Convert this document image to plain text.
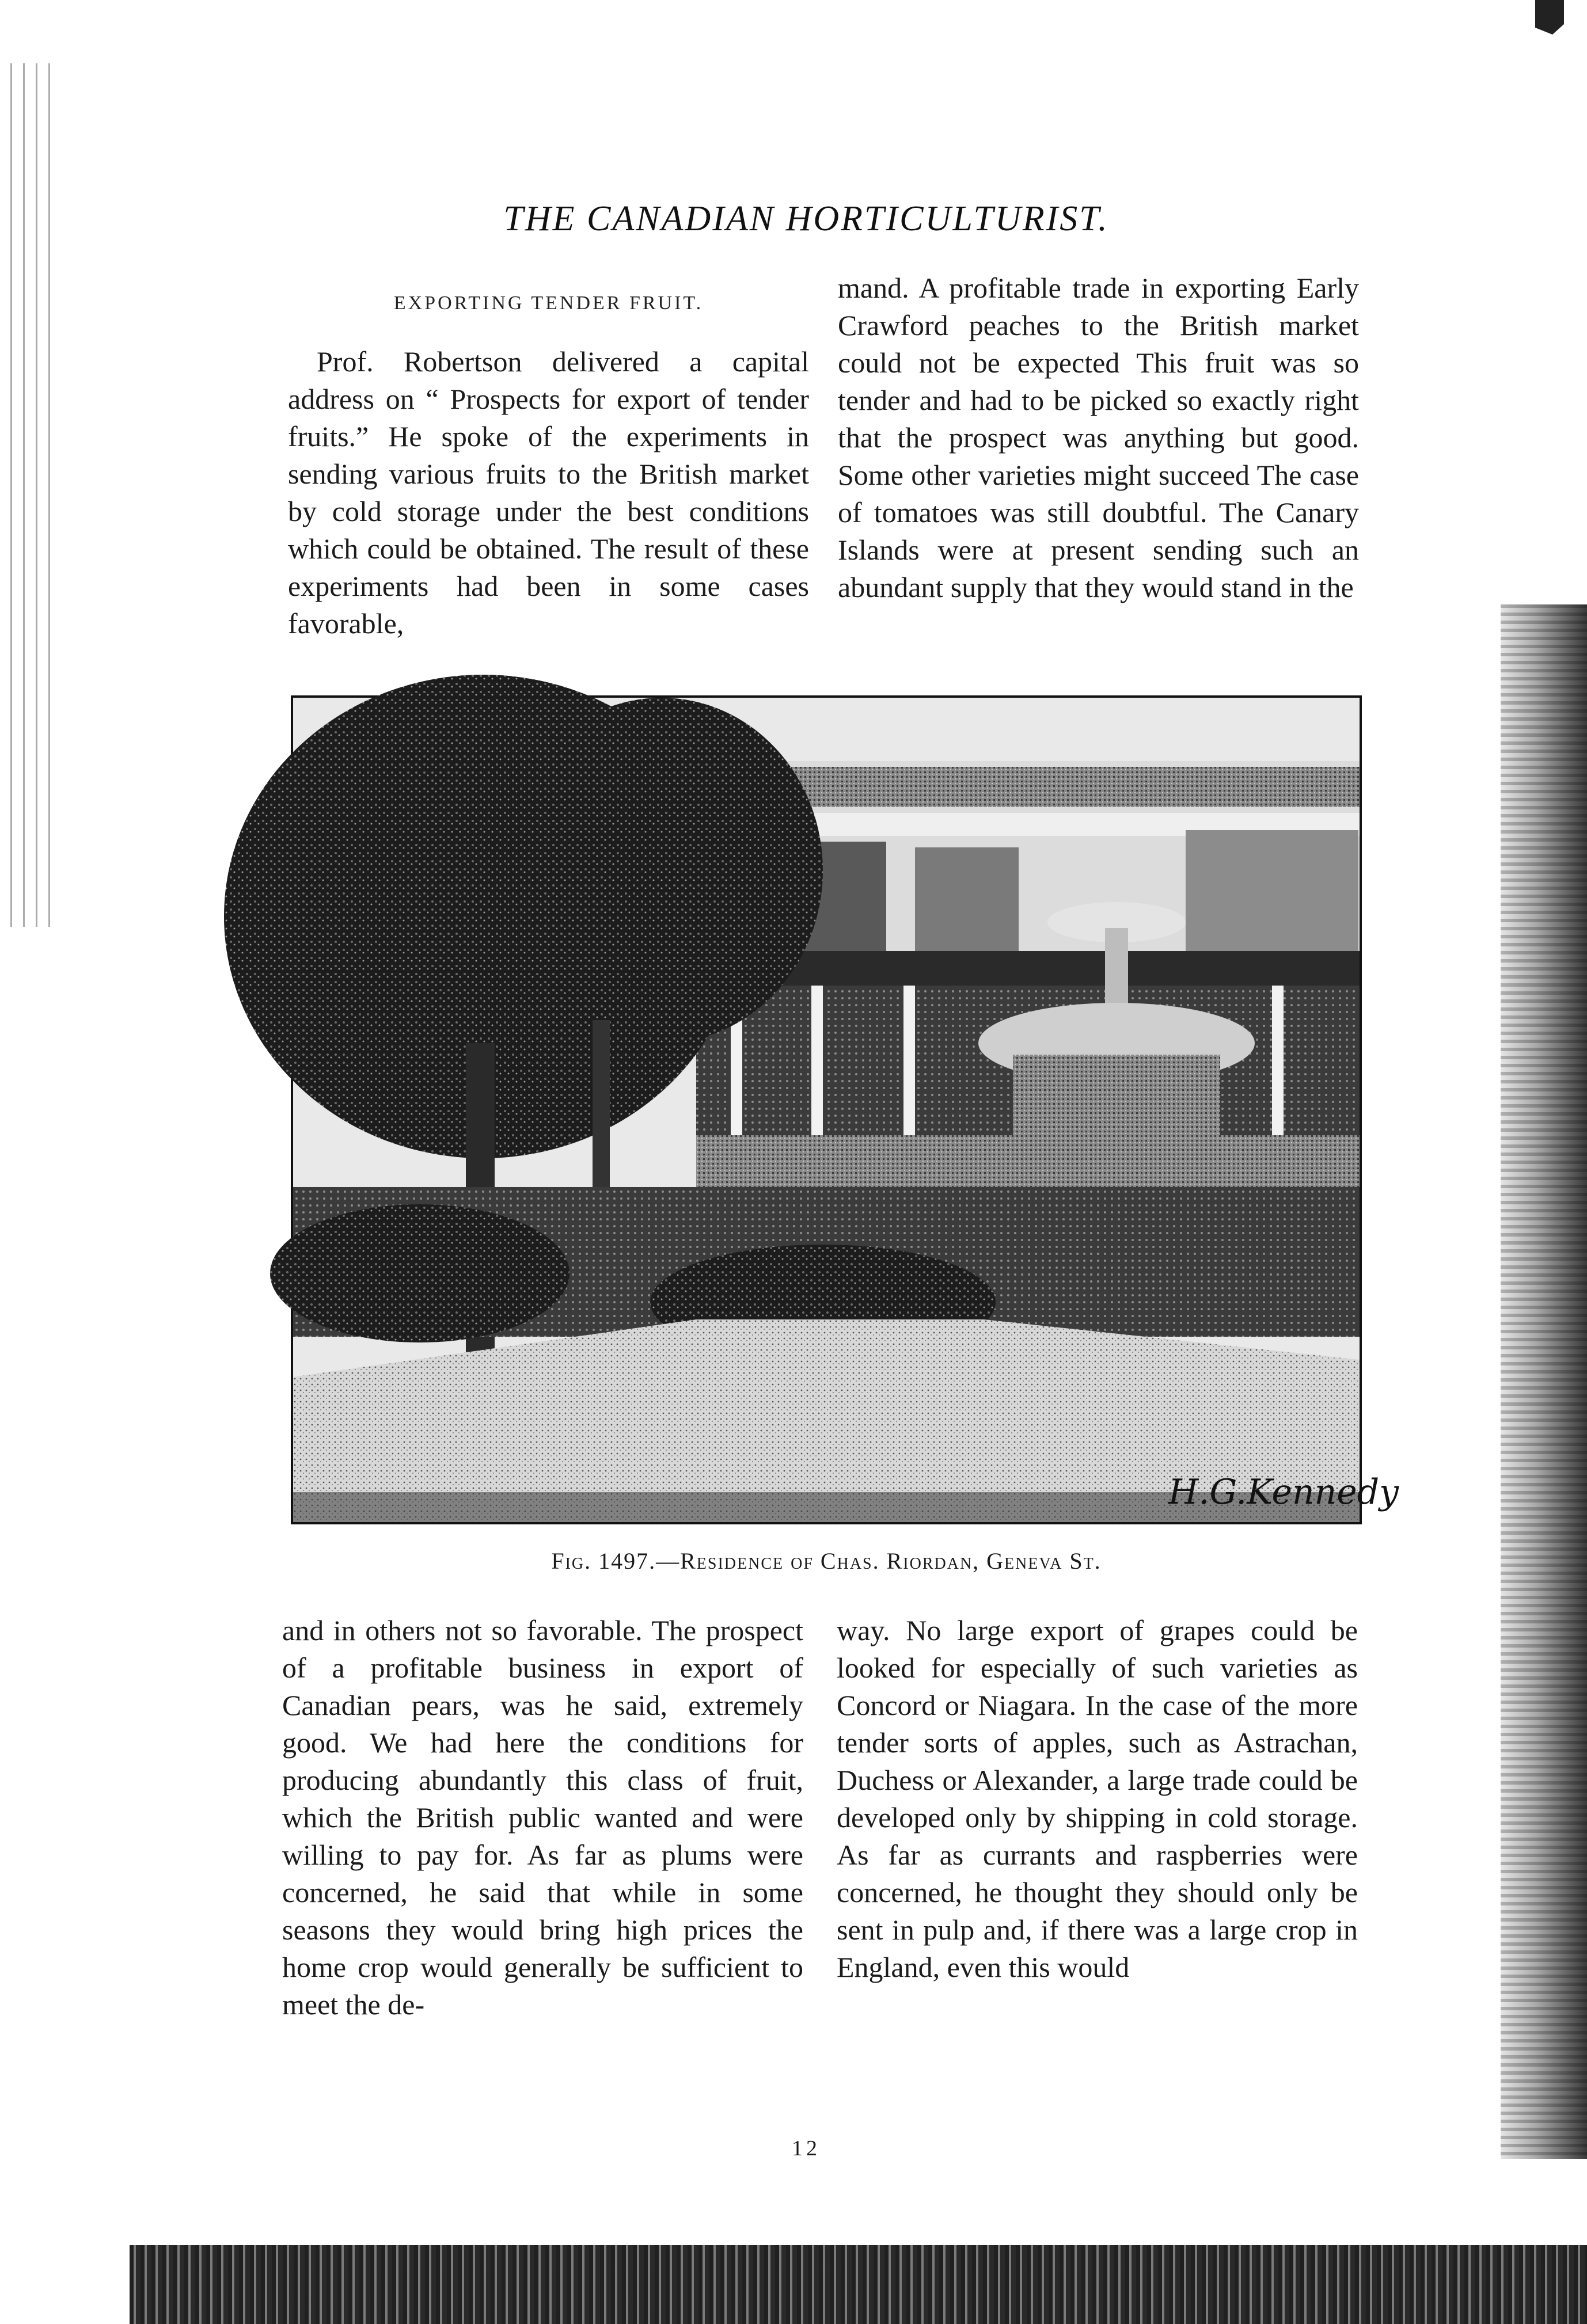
THE CANADIAN HORTICULTURIST.
EXPORTING TENDER FRUIT.

Prof. Robertson delivered a capital address on “ Prospects for export of tender fruits.” He spoke of the experiments in sending various fruits to the British market by cold storage under the best conditions which could be obtained. The result of these experiments had been in some cases favorable,

mand. A profitable trade in exporting Early Crawford peaches to the British market could not be expected This fruit was so tender and had to be picked so exactly right that the prospect was anything but good. Some other varieties might succeed The case of tomatoes was still doubtful. The Canary Islands were at present sending such an abundant supply that they would stand in the

H.G.Kennedy
Fig. 1497.—Residence of Chas. Riordan, Geneva St.

and in others not so favorable. The prospect of a profitable business in export of Canadian pears, was he said, extremely good. We had here the conditions for producing abundantly this class of fruit, which the British public wanted and were willing to pay for. As far as plums were concerned, he said that while in some seasons they would bring high prices the home crop would generally be sufficient to meet the de-

way. No large export of grapes could be looked for especially of such varieties as Concord or Niagara. In the case of the more tender sorts of apples, such as Astrachan, Duchess or Alexander, a large trade could be developed only by shipping in cold storage. As far as currants and raspberries were concerned, he thought they should only be sent in pulp and, if there was a large crop in England, even this would

12
